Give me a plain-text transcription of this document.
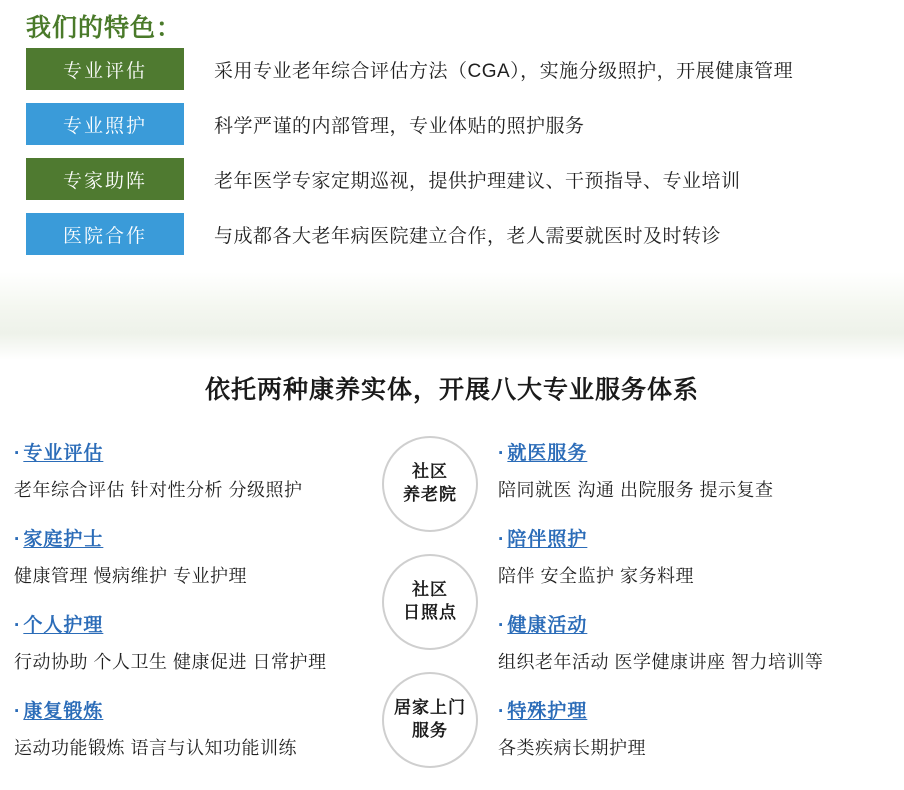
我们的特色：
专业评估	采用专业老年综合评估方法（CGA），实施分级照护，开展健康管理
专业照护	科学严谨的内部管理，专业体贴的照护服务
专家助阵	老年医学专家定期巡视，提供护理建议、干预指导、专业培训
医院合作	与成都各大老年病医院建立合作，老人需要就医时及时转诊
依托两种康养实体，开展八大专业服务体系
· 专业评估
老年综合评估 针对性分析 分级照护
· 家庭护士
健康管理 慢病维护 专业护理
· 个人护理
行动协助 个人卫生 健康促进 日常护理
· 康复锻炼
运动功能锻炼 语言与认知功能训练
社区
养老院
社区
日照点
居家上门
服务
· 就医服务
陪同就医 沟通 出院服务 提示复查
· 陪伴照护
陪伴 安全监护 家务料理
· 健康活动
组织老年活动 医学健康讲座 智力培训等
· 特殊护理
各类疾病长期护理
